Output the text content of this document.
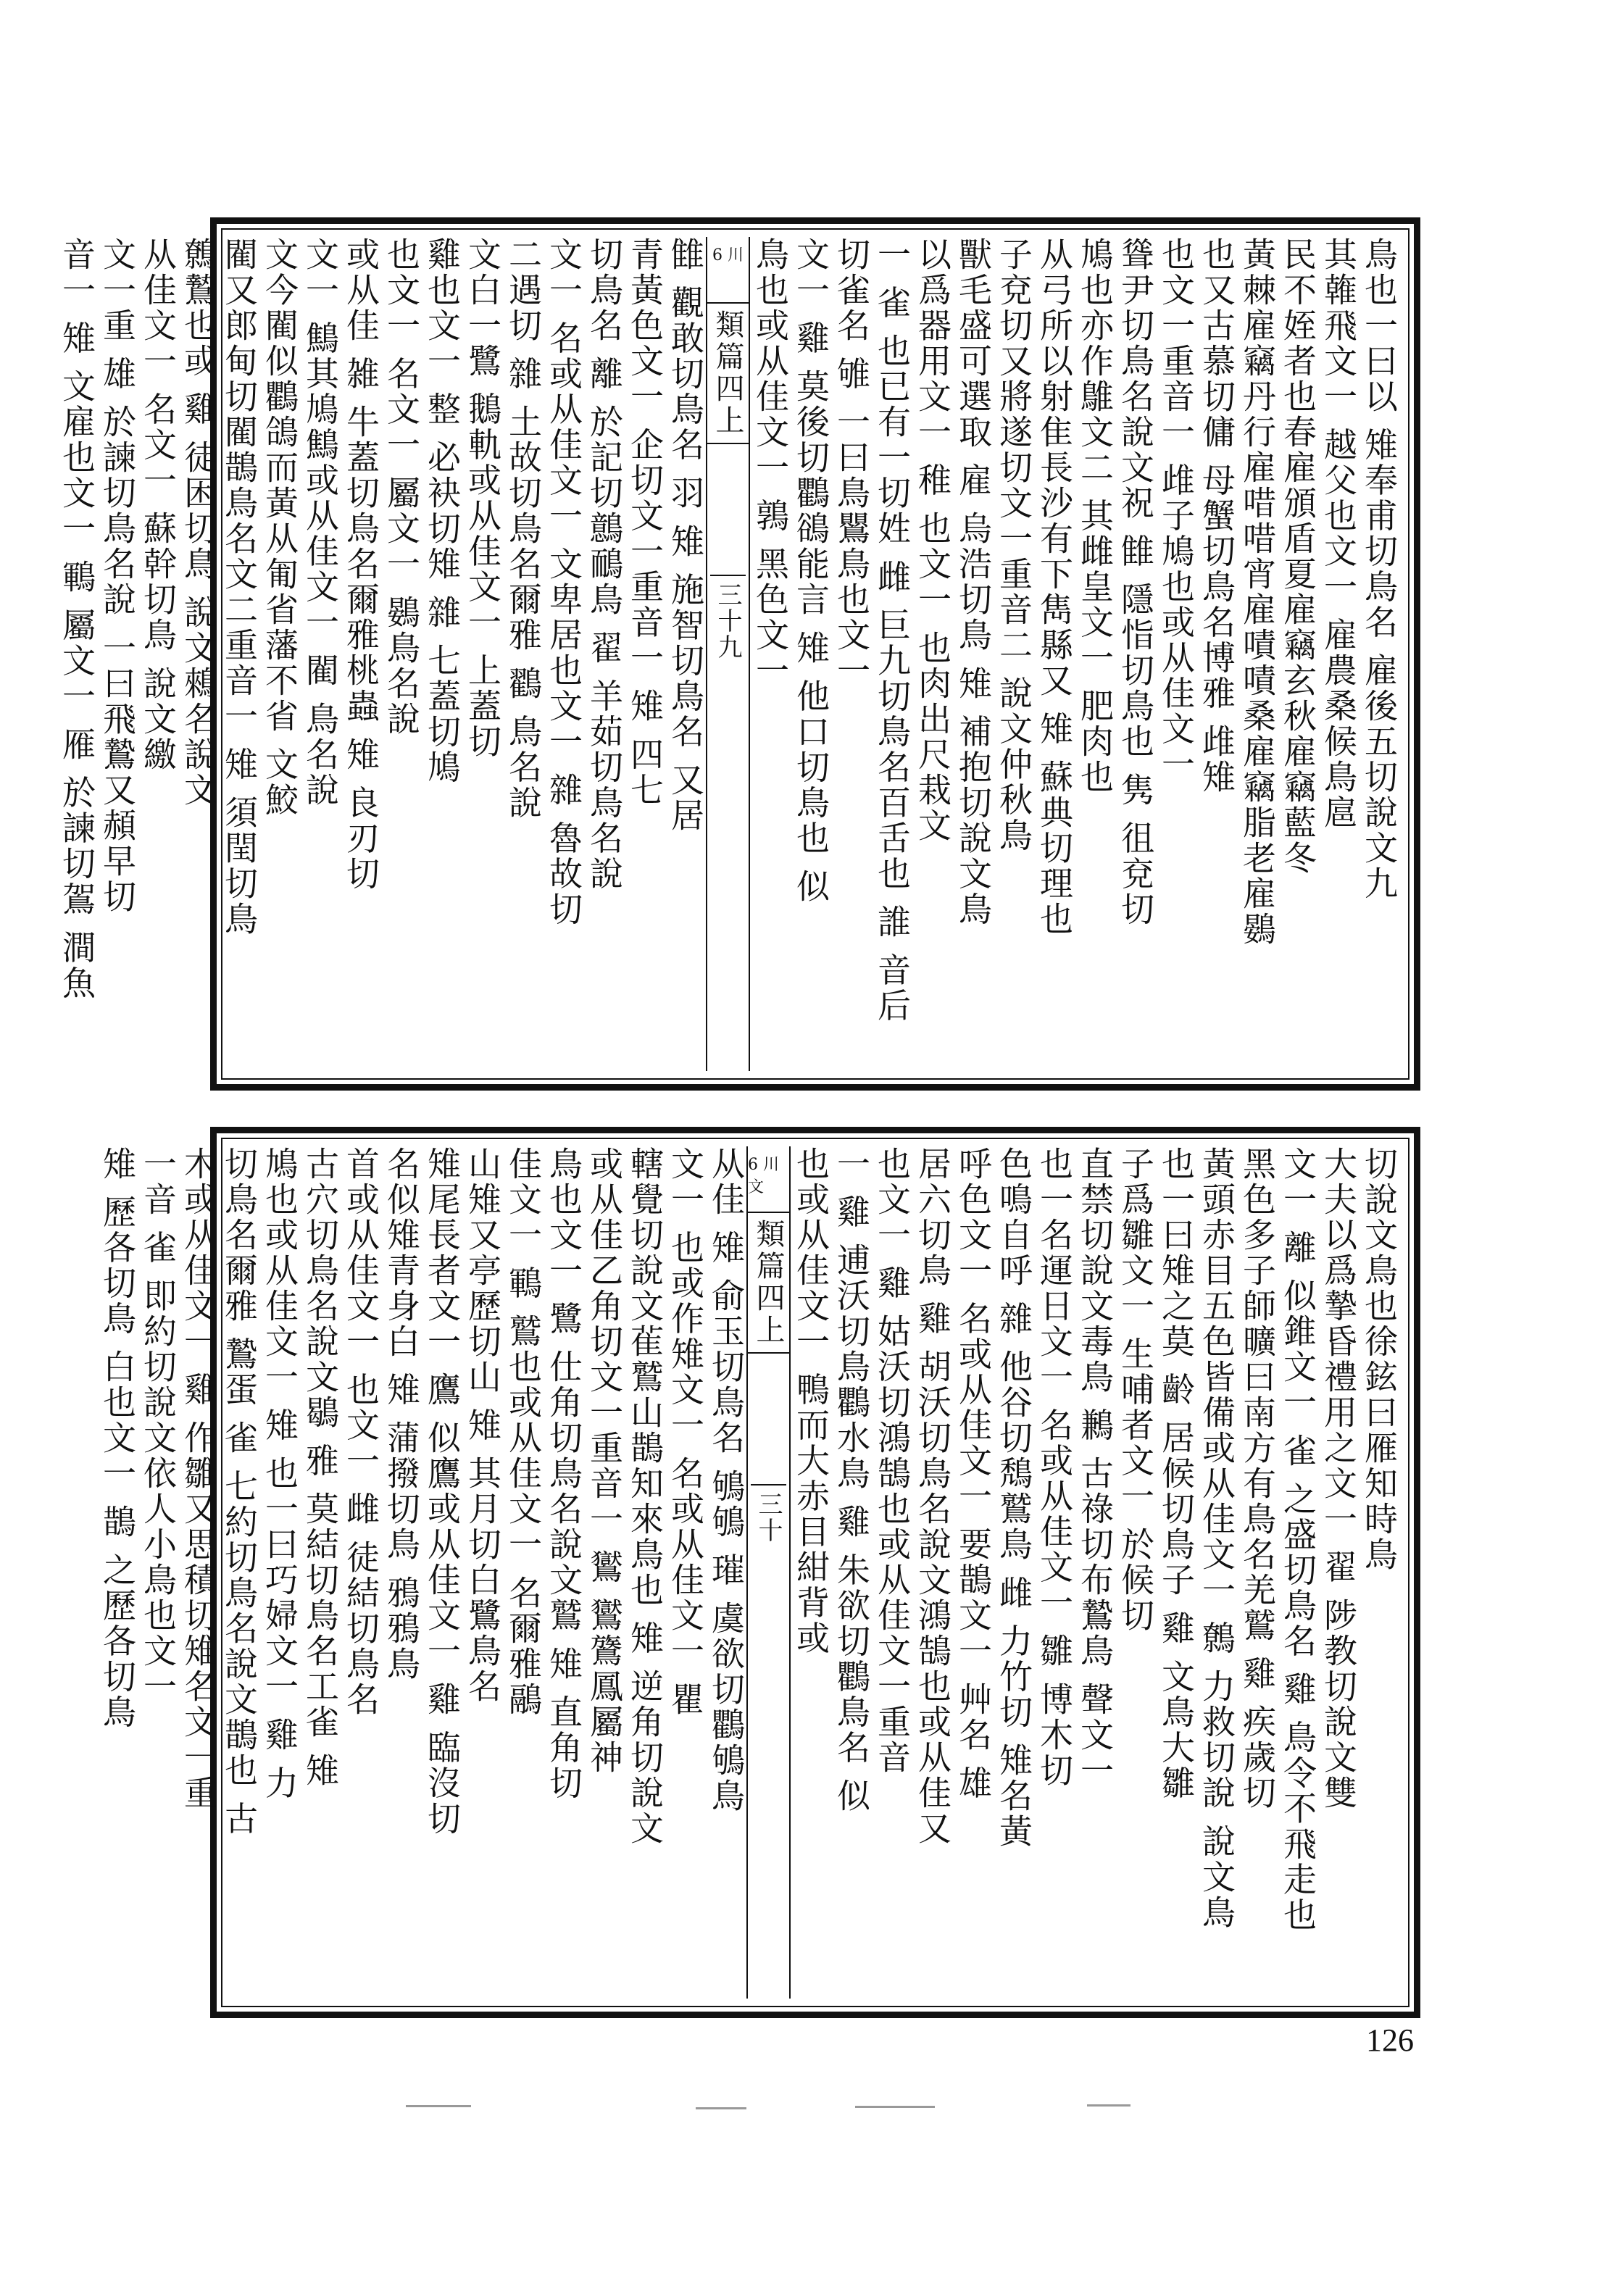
鳥也一曰以 雉奉甫切鳥名 雇後五切說文九
其雗飛文一 越父也文一 雇農桑候鳥扈
民不姪者也春雇頒盾夏雇竊玄秋雇竊藍冬
黃棘雇竊丹行雇唶唶宵雇嘖嘖桑雇竊脂老雇鷃
也又古慕切傭 母蟹切鳥名博雅 䧳雉
也文一重音一 䧳子鳩也或从佳文一
聳尹切鳥名說文祝 雔 隱恉切鳥也 隽 徂兗切
鳩也亦作鵻文二 其雌皇文一 肥肉也
从弓所以射隹長沙有下雋縣又 雉 蘇典切理也
子兗切又將遂切文一重音二 說文仲秋鳥
獸毛盛可選取 雇 烏浩切鳥 雉 補抱切說文鳥
以爲器用文一 稚 也文一 也肉出尺栽文
一 雀 也已有一切姓 雌 巨九切鳥名百舌也 誰 音后
切雀名 雊 一曰鳥鸎鳥也文一
文一 雞 莫後切鸜鵒能言 雉 他口切鳥也 似
鳥也或从佳文一 鶉 黑色文一
6 川
類篇四上
三十九
雔 觀敢切鳥名 羽 雉 施智切鳥名 又居
青黃色文一 企切文一重音一 雉 四七
切鳥名 離 於記切鷾鴯鳥 翟 羊茹切鳥名說
文一 名或从佳文一 文卑居也文一 雜 魯故切
二遇切 雜 土故切鳥名爾雅 鸐 鳥名說
文白一鷺 鵝軌或从佳文一 上蓋切
雞也文一 整 必袂切雉 雜 七蓋切鳩
也文一 名文一 屬文一 鷃鳥名說
或从佳 雑 牛蓋切鳥名爾雅桃蟲 雉 良刃切
文一 鷦其鳩鷦或从佳文一 閵 鳥名說
文今閵似鸜鴿而黃从匍省藩不省 文鮫
閵又郎甸切閵鵲鳥名文二重音一 雉 須閏切鳥
鷯鷙也或 雞 徒困切鳥 說文鶆名說文
从佳文一 名文一 蘇幹切鳥 說文繳
文一重 雄 於諫切鳥名說 一曰飛鷙又頳早切
音一 雉 文雇也文一 鶤 屬文一 雁 於諫切鴐 澗魚
切說文鳥也徐鉉曰雁知時鳥
大夫以爲摯昏禮用之文一 翟 陟教切說文雙
文一 離 似錐文一 雀 之盛切鳥名 雞 鳥令不飛走也
黑色多子師曠曰南方有鳥名羌鷲 雞 疾歲切
黃頭赤目五色皆備或从佳文一 鷯 力救切說 說文鳥
也一曰雉之莫 齡 居候切鳥子 雞 文鳥大雛
子爲雛文一 生哺者文一 於候切
直禁切說文毒鳥 鶼 古祿切布鷙鳥 聲文一
也一名運日文一 名或从佳文一 雛 博木切
色鳴自呼 雜 他谷切鵚鷲鳥 雌 力竹切 雉名黃
呼色文一 名或从佳文一 要鵲文一 艸名 雄
居六切鳥 雞 胡沃切鳥名說文鴻鵠也或从佳又
也文一 雞 姑沃切鴻鵠也或从佳文一重音
一 雞 逋沃切鳥鸜水鳥 雞 朱欲切鸜鳥名 似
也或从佳文一 鴨而大赤目紺背或
6 川 文
類篇四上
三十
从佳 雉 俞玉切鳥名 鴝鴝 璀 虞欲切鸜鴝鳥
文一 也或作雉文一 名或从佳文一 瞿
轄覺切說文雈鷲山鵲知來鳥也 雉 逆角切說文
或从佳乙角切文一重音一 鸑 鸑鷟鳳屬神
鳥也文一 鷺 仕角切鳥名說文鷲 雉 直角切
佳文一 鶤 鷲也或从佳文一 名爾雅鷊
山雉又亭歷切山 雉 其月切白鷺鳥名
雉尾長者文一 鷹 似鷹或从佳文一 雞 臨沒切
名似雉青身白 雉 蒲撥切鳥 鴉鴉鳥
首或从佳文一 也文一 雌 徒結切鳥名
古穴切鳥名說文鶡 雅 莫結切鳥名工雀 雉
鳩也或从佳文一 雉 也一曰巧婦文一 雞 力
切鳥名爾雅 鷙蛋 雀 七約切鳥名說文鵲也 古
木或从佳文一 雞 作雛又思積切雉名文一重
一音 雀 即約切說文依人小鳥也文一
雉 歷各切鳥 白也文一 鵲 之歷各切鳥
126
